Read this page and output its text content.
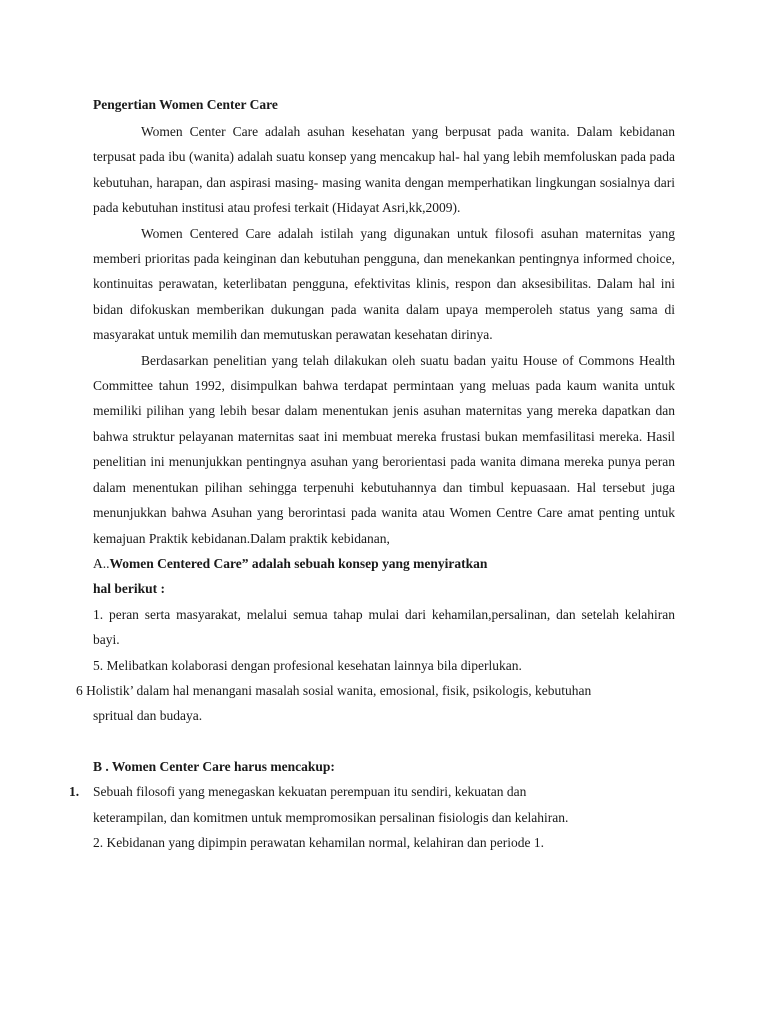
Pengertian Women Center Care

Women Center Care adalah asuhan kesehatan yang berpusat pada wanita. Dalam kebidanan terpusat pada ibu (wanita) adalah suatu konsep yang mencakup hal- hal yang lebih memfoluskan pada pada kebutuhan, harapan, dan aspirasi masing- masing wanita dengan memperhatikan lingkungan sosialnya dari pada kebutuhan institusi atau profesi terkait (Hidayat Asri,kk,2009).

Women Centered Care adalah istilah yang digunakan untuk filosofi asuhan maternitas yang memberi prioritas pada keinginan dan kebutuhan pengguna, dan menekankan pentingnya informed choice, kontinuitas perawatan, keterlibatan pengguna, efektivitas klinis, respon dan aksesibilitas. Dalam hal ini bidan difokuskan memberikan dukungan pada wanita dalam upaya memperoleh status yang sama di masyarakat untuk memilih dan memutuskan perawatan kesehatan dirinya.

Berdasarkan penelitian yang telah dilakukan oleh suatu badan yaitu House of Commons Health Committee tahun 1992, disimpulkan bahwa terdapat permintaan yang meluas pada kaum wanita untuk memiliki pilihan yang lebih besar dalam menentukan jenis asuhan maternitas yang mereka dapatkan dan bahwa struktur pelayanan maternitas saat ini membuat mereka frustasi bukan memfasilitasi mereka. Hasil penelitian ini menunjukkan pentingnya asuhan yang berorientasi pada wanita dimana mereka punya peran dalam menentukan pilihan sehingga terpenuhi kebutuhannya dan timbul kepuasaan. Hal tersebut juga menunjukkan bahwa Asuhan yang berorintasi pada wanita atau Women Centre Care amat penting untuk kemajuan Praktik kebidanan.Dalam praktik kebidanan,

A..Women Centered Care” adalah sebuah konsep yang menyiratkan

hal berikut :

1. peran serta masyarakat, melalui semua tahap mulai dari kehamilan,persalinan, dan setelah kelahiran bayi.

5. Melibatkan kolaborasi dengan profesional kesehatan lainnya bila diperlukan.

6 Holistik’ dalam hal menangani masalah sosial wanita, emosional, fisik, psikologis, kebutuhan
spritual dan budaya.

B . Women Center Care harus mencakup:

1. Sebuah filosofi yang menegaskan kekuatan perempuan itu sendiri, kekuatan dan
keterampilan, dan komitmen untuk mempromosikan persalinan fisiologis dan kelahiran.

2. Kebidanan yang dipimpin perawatan kehamilan normal, kelahiran dan periode 1.
